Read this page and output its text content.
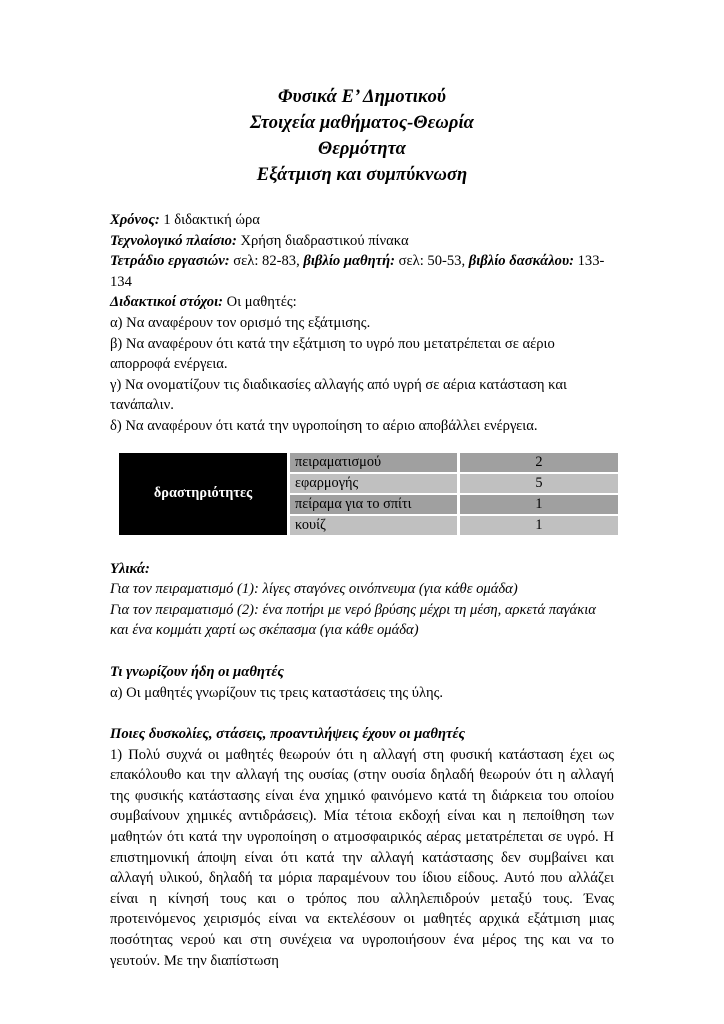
Φυσικά Ε’ Δημοτικού
Στοιχεία μαθήματος-Θεωρία
Θερμότητα
Εξάτμιση και συμπύκνωση
Χρόνος: 1 διδακτική ώρα
Τεχνολογικό πλαίσιο: Χρήση διαδραστικού πίνακα
Τετράδιο εργασιών: σελ: 82-83, βιβλίο μαθητή: σελ: 50-53, βιβλίο δασκάλου: 133-134
Διδακτικοί στόχοι: Οι μαθητές:
α) Να αναφέρουν τον ορισμό της εξάτμισης.
β) Να αναφέρουν ότι κατά την εξάτμιση το υγρό που μετατρέπεται σε αέριο απορροφά ενέργεια.
γ) Να ονοματίζουν τις διαδικασίες αλλαγής από υγρή σε αέρια κατάσταση και τανάπαλιν.
δ) Να αναφέρουν ότι κατά την υγροποίηση το αέριο αποβάλλει ενέργεια.
δραστηριότητες	πειραματισμού	2
	εφαρμογής	5
	πείραμα για το σπίτι	1
	κουίζ	1
Υλικά:
Για τον πειραματισμό (1): λίγες σταγόνες οινόπνευμα (για κάθε ομάδα)
Για τον πειραματισμό (2): ένα ποτήρι με νερό βρύσης μέχρι τη μέση, αρκετά παγάκια και ένα κομμάτι χαρτί ως σκέπασμα (για κάθε ομάδα)
Τι γνωρίζουν ήδη οι μαθητές
α) Οι μαθητές γνωρίζουν τις τρεις καταστάσεις της ύλης.
Ποιες δυσκολίες, στάσεις, προαντιλήψεις έχουν οι μαθητές
1) Πολύ συχνά οι μαθητές θεωρούν ότι η αλλαγή στη φυσική κατάσταση έχει ως επακόλουθο και την αλλαγή της ουσίας (στην ουσία δηλαδή θεωρούν ότι η αλλαγή της φυσικής κατάστασης είναι ένα χημικό φαινόμενο κατά τη διάρκεια του οποίου συμβαίνουν χημικές αντιδράσεις). Μία τέτοια εκδοχή είναι και η πεποίθηση των μαθητών ότι κατά την υγροποίηση ο ατμοσφαιρικός αέρας μετατρέπεται σε υγρό. Η επιστημονική άποψη είναι ότι κατά την αλλαγή κατάστασης δεν συμβαίνει και αλλαγή υλικού, δηλαδή τα μόρια παραμένουν του ίδιου είδους. Αυτό που αλλάζει είναι η κίνησή τους και ο τρόπος που αλληλεπιδρούν μεταξύ τους. Ένας προτεινόμενος χειρισμός είναι να εκτελέσουν οι μαθητές αρχικά εξάτμιση μιας ποσότητας νερού και στη συνέχεια να υγροποιήσουν ένα μέρος της και να το γευτούν. Με την διαπίστωση
